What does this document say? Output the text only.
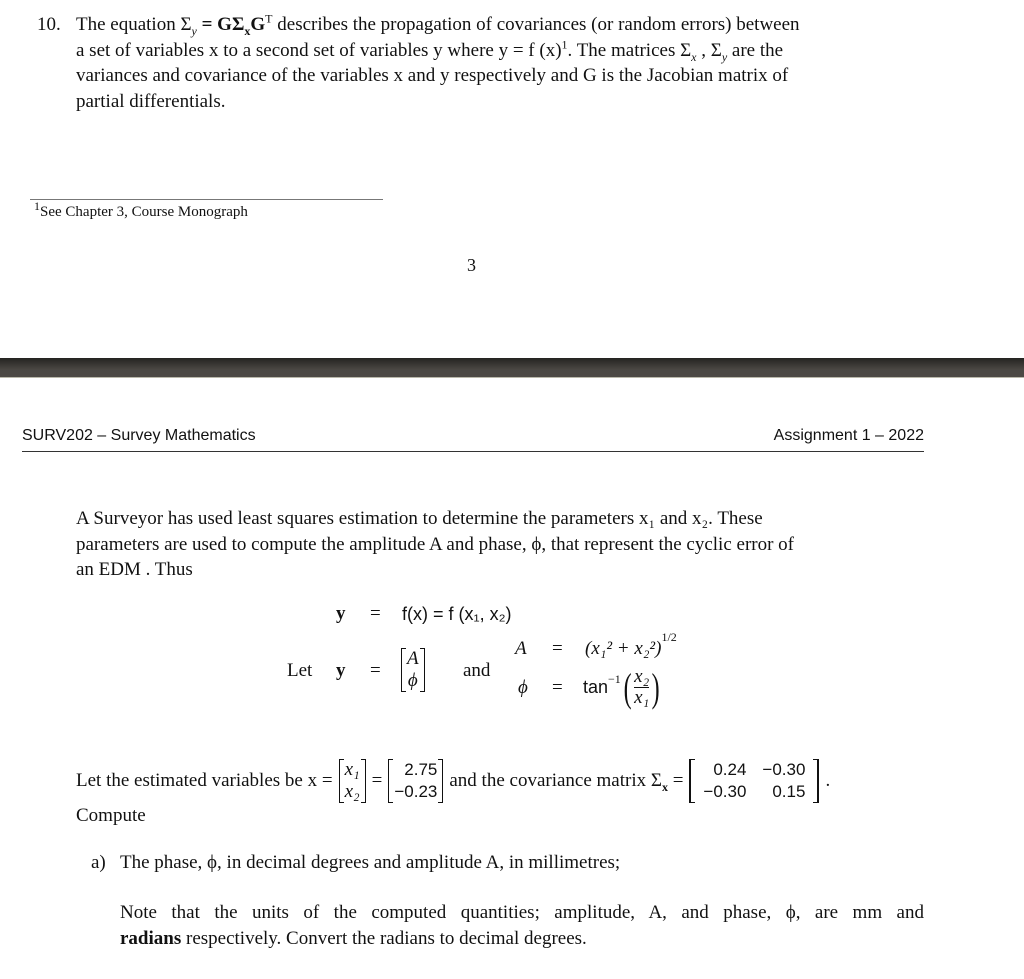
10. The equation $\Sigma_y = G\Sigma_xG^T$ describes the propagation of covariances (or random errors) between
a set of variables x to a second set of variables y where y = f $(x)^1$. The matrices $\Sigma_x$ , $\Sigma_y$ are the
variances and covariance of the variables x and y respectively and G is the Jacobian matrix of
partial differentials.
$^1$See Chapter 3, Course Monograph
3
SURV202 – Survey Mathematics	Assignment 1 – 2022
A Surveyor has used least squares estimation to determine the parameters x₁ and x₂. These
parameters are used to compute the amplitude A and phase, ϕ, that represent the cyclic error of
an EDM . Thus
y = f(x) = f (x₁, x₂)
Let y =
A
ϕ and
$A = (x_1^2 + x_2^2)^{1/2}$
$\phi = \tan^{-1}$ ( $\frac{\text{x₂}}{\text{x₁}}$ )
Let the estimated variables be x =
x₁
x₂
=
2.75
−0.23
and the covariance matrix $\Sigma_x$ =
0.24 −0.30
−0.30	0.15
.
Compute
a) The phase, ϕ, in decimal degrees and amplitude A, in millimetres;
Note that the units of the computed quantities; amplitude, A, and phase, ϕ, are mm and
radians respectively. Convert the radians to decimal degrees.
